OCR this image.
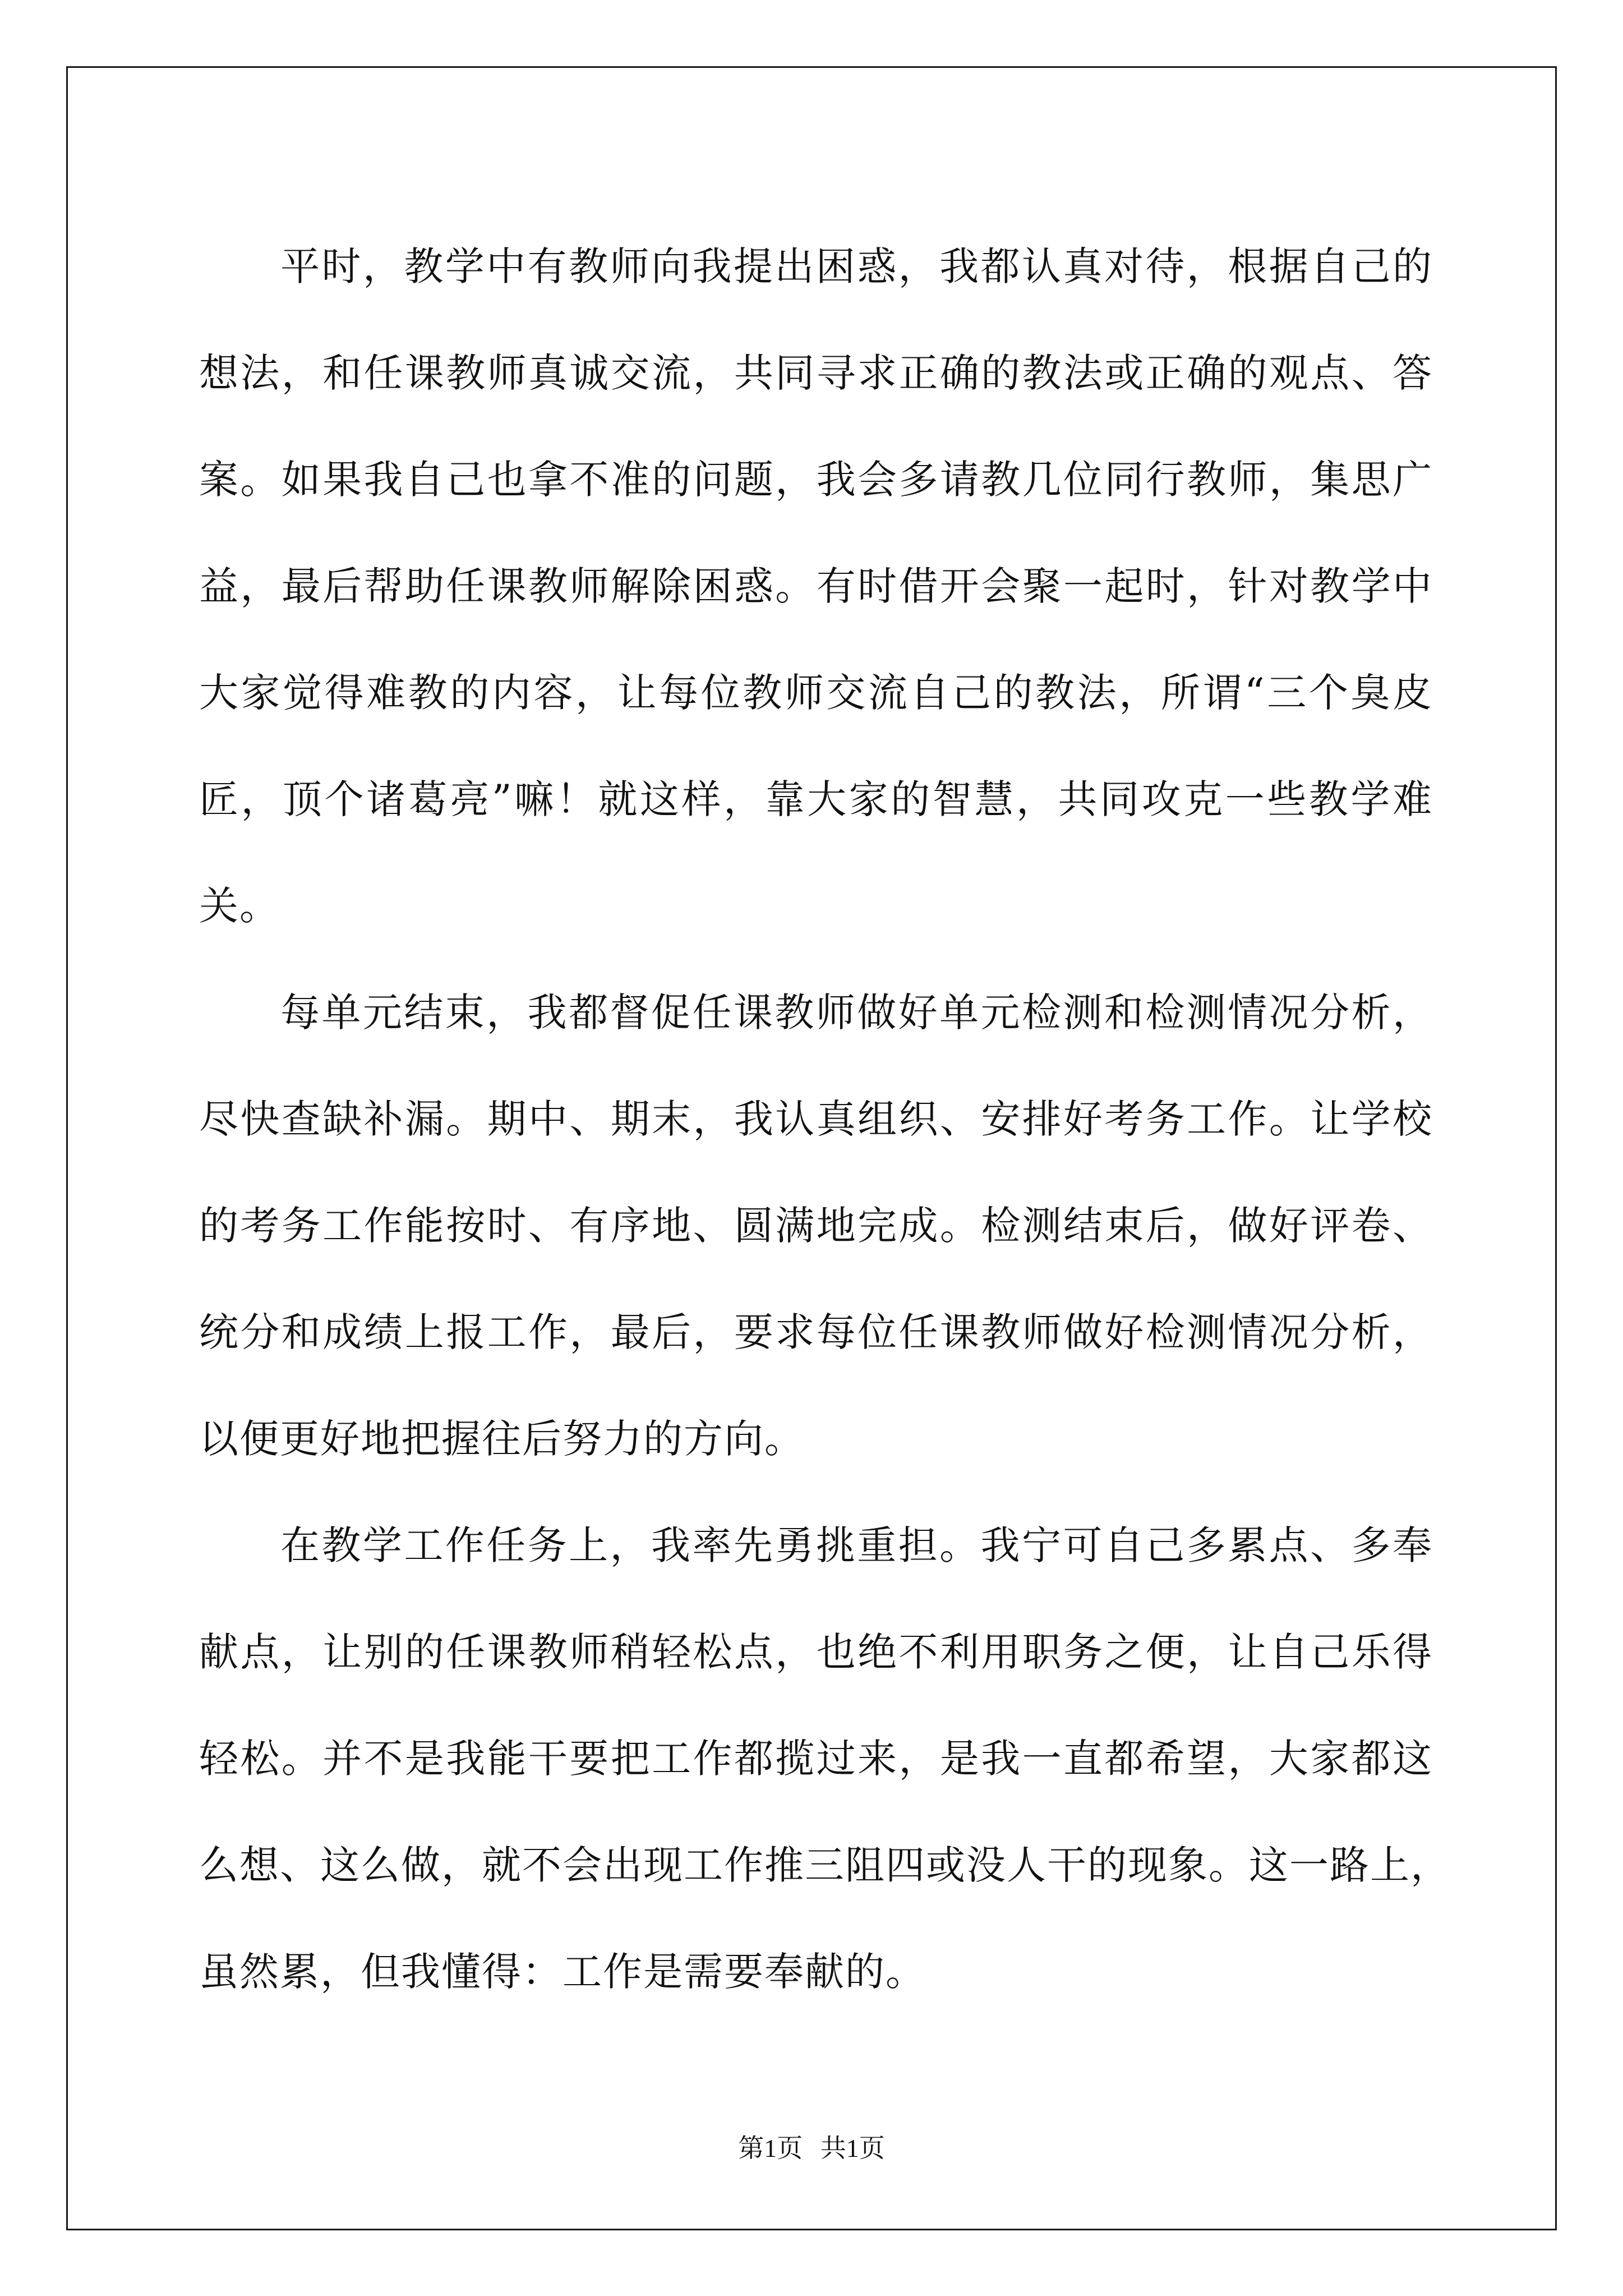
平时，教学中有教师向我提出困惑，我都认真对待，根据自己的
想法，和任课教师真诚交流，共同寻求正确的教法或正确的观点、答
案。如果我自己也拿不准的问题，我会多请教几位同行教师，集思广
益，最后帮助任课教师解除困惑。有时借开会聚一起时，针对教学中
大家觉得难教的内容，让每位教师交流自己的教法，所谓“三个臭皮
匠，顶个诸葛亮”嘛！就这样，靠大家的智慧，共同攻克一些教学难
关。
每单元结束，我都督促任课教师做好单元检测和检测情况分析，
尽快查缺补漏。期中、期末，我认真组织、安排好考务工作。让学校
的考务工作能按时、有序地、圆满地完成。检测结束后，做好评卷、
统分和成绩上报工作，最后，要求每位任课教师做好检测情况分析，
以便更好地把握往后努力的方向。
在教学工作任务上，我率先勇挑重担。我宁可自己多累点、多奉
献点，让别的任课教师稍轻松点，也绝不利用职务之便，让自己乐得
轻松。并不是我能干要把工作都揽过来，是我一直都希望，大家都这
么想、这么做，就不会出现工作推三阻四或没人干的现象。这一路上，
虽然累，但我懂得：工作是需要奉献的。
第1页 共1页
